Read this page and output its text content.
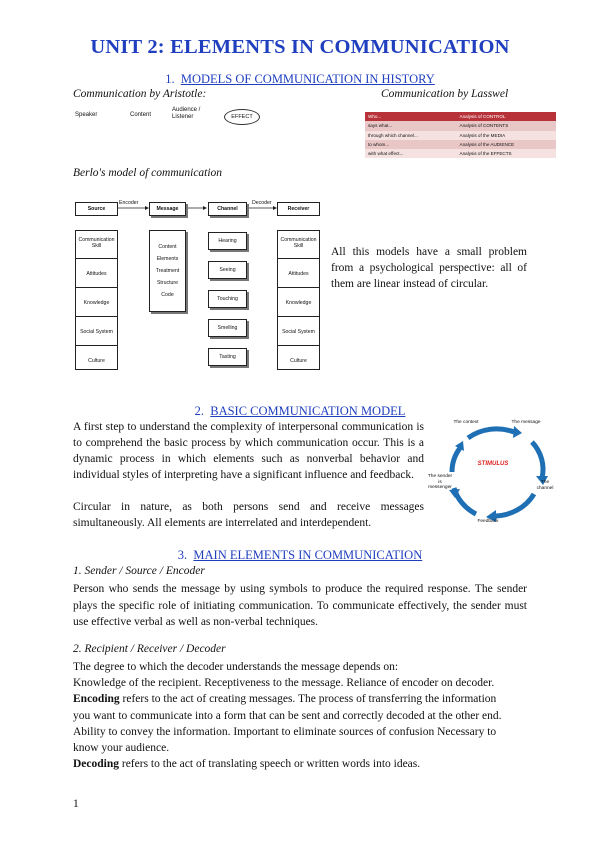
UNIT 2: ELEMENTS IN COMMUNICATION
1. MODELS OF COMMUNICATION IN HISTORY
Communication by Aristotle:	Communication by Lasswel
Speaker	Content
Audience / Listener	EFFECT	Who...	Analysis of CONTROL
says what...	Analysis of CONTENTS
through which channel...	Analysis of the MEDIA
to whom...	Analysis of the AUDIENCE
with what effect...	Analysis of the EFFECTS
Berlo's model of communication
Source
Encoder
Message	Channel
Decoder
Receiver
Communication Skill
Attitudes
Knowledge
Social System
Culture
Content
Elements
Treatment
Structure
Code
Hearing
Seeing
Touching
Smelling
Tasting
Communication Skill
Attitudes
Knowledge
Social System
Culture
All this models have a small problem from a psychological perspective: all of them are linear instead of circular.
2. BASIC COMMUNICATION MODEL
A first step to understand the complexity of interpersonal communication is to comprehend the basic process by which communication occur. This is a dynamic process in which elements such as nonverbal behavior and individual styles of interpreting have a significant influence and feedback.
Circular in nature, as both persons send and receive messages simultaneously. All elements are interrelated and interdependent.
STIMULUS
The context	The message
The channel
Feedback
The sender is messenger
3. MAIN ELEMENTS IN COMMUNICATION
1. Sender / Source / Encoder
Person who sends the message by using symbols to produce the required response. The sender plays the specific role of initiating communication. To communicate effectively, the sender must use effective verbal as well as non-verbal techniques.
2. Recipient / Receiver / Decoder
The degree to which the decoder understands the message depends on:
Knowledge of the recipient. Receptiveness to the message. Reliance of encoder on decoder.
Encoding refers to the act of creating messages. The process of transferring the information
you want to communicate into a form that can be sent and correctly decoded at the other end.
Ability to convey the information. Important to eliminate sources of confusion Necessary to
know your audience.
Decoding refers to the act of translating speech or written words into ideas.
1
